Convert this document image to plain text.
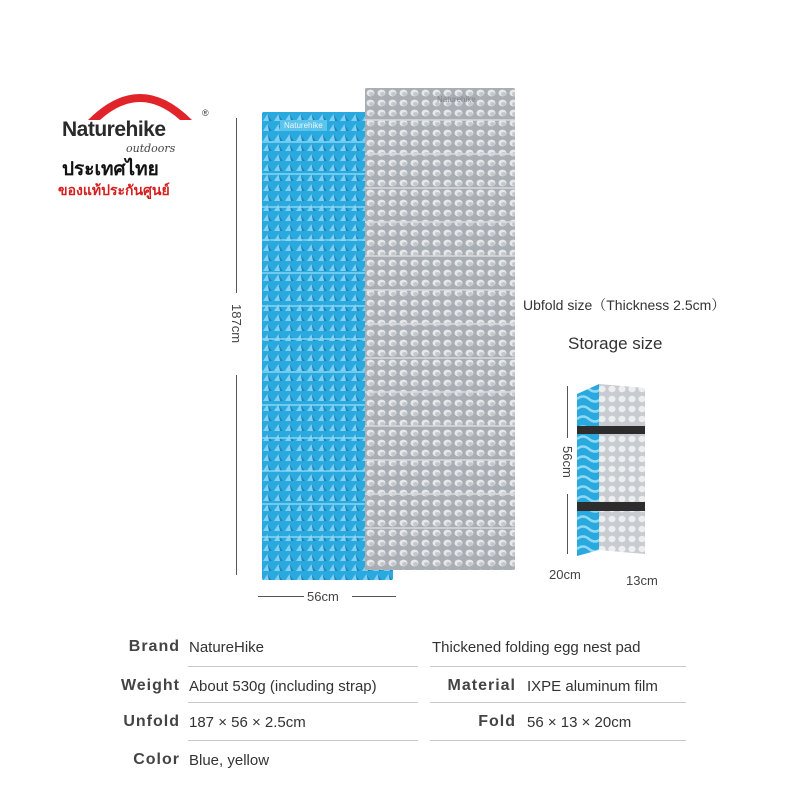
Naturehike
®
outdoors
ประเทศไทย
ของแท้ประกันศูนย์
187cm
Naturehike
Naturehike
56cm
Ubfold size（Thickness 2.5cm）
Storage size
56cm
20cm	13cm
Brand NatureHike	Thickened folding egg nest pad
Weight About 530g (including strap)	Material IXPE aluminum film
Unfold 187 × 56 × 2.5cm	Fold 56 × 13 × 20cm
Color Blue, yellow
